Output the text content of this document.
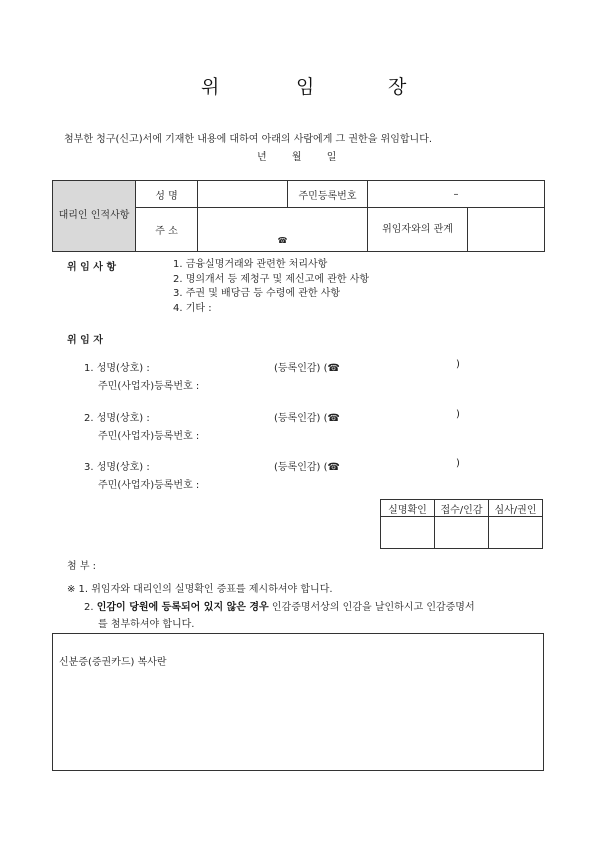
위	임	장
첨부한 청구(신고)서에 기재한 내용에 대하여 아래의 사람에게 그 권한을 위임합니다.
년	월	일
대리인 인적사항	성 명		주민등록번호	–	
	주 소	☎		위임자와의 관계	

위 임 사 항	1. 금융실명거래와 관련한 처리사항
2. 명의개서 등 제청구 및 제신고에 관한 사항
3. 주권 및 배당금 등 수령에 관한 사항
4. 기타 :
위 임 자
1. 성명(상호) :	(등록인감) (☎	)
주민(사업자)등록번호 :
2. 성명(상호) :	(등록인감) (☎	)
주민(사업자)등록번호 :
3. 성명(상호) :	(등록인감) (☎	)
주민(사업자)등록번호 :
실명확인	접수/인감	심사/권인

첨 부 :
※ 1. 위임자와 대리인의 실명확인 증표를 제시하셔야 합니다.
2. 인감이 당원에 등록되어 있지 않은 경우 인감증명서상의 인감을 날인하시고 인감증명서
를 첨부하셔야 합니다.
신분증(증권카드) 복사란
